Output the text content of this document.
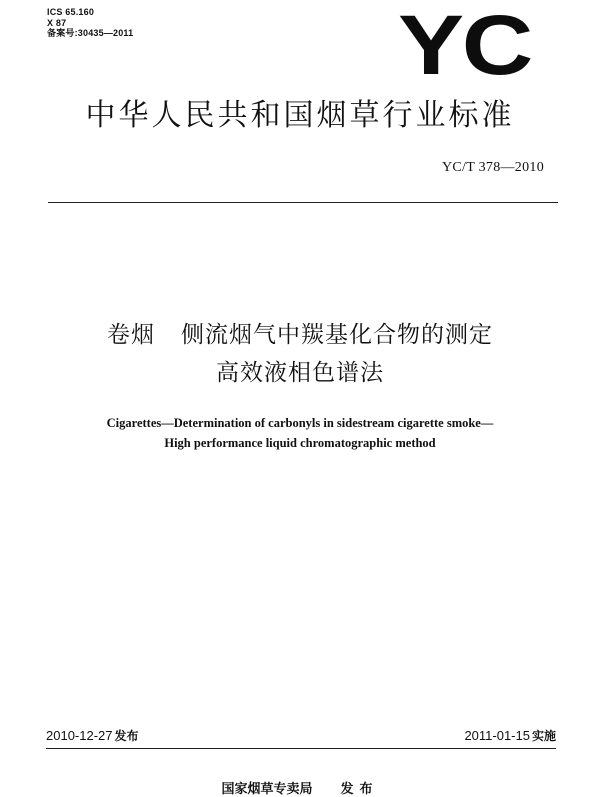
ICS 65.160
X 87
备案号:30435—2011	YC
中华人民共和国烟草行业标准
YC/T 378—2010
卷烟 侧流烟气中羰基化合物的测定
高效液相色谱法
Cigarettes—Determination of carbonyls in sidestream cigarette smoke—
High performance liquid chromatographic method
2010-12-27 发布	2011-01-15 实施
国家烟草专卖局 发布
